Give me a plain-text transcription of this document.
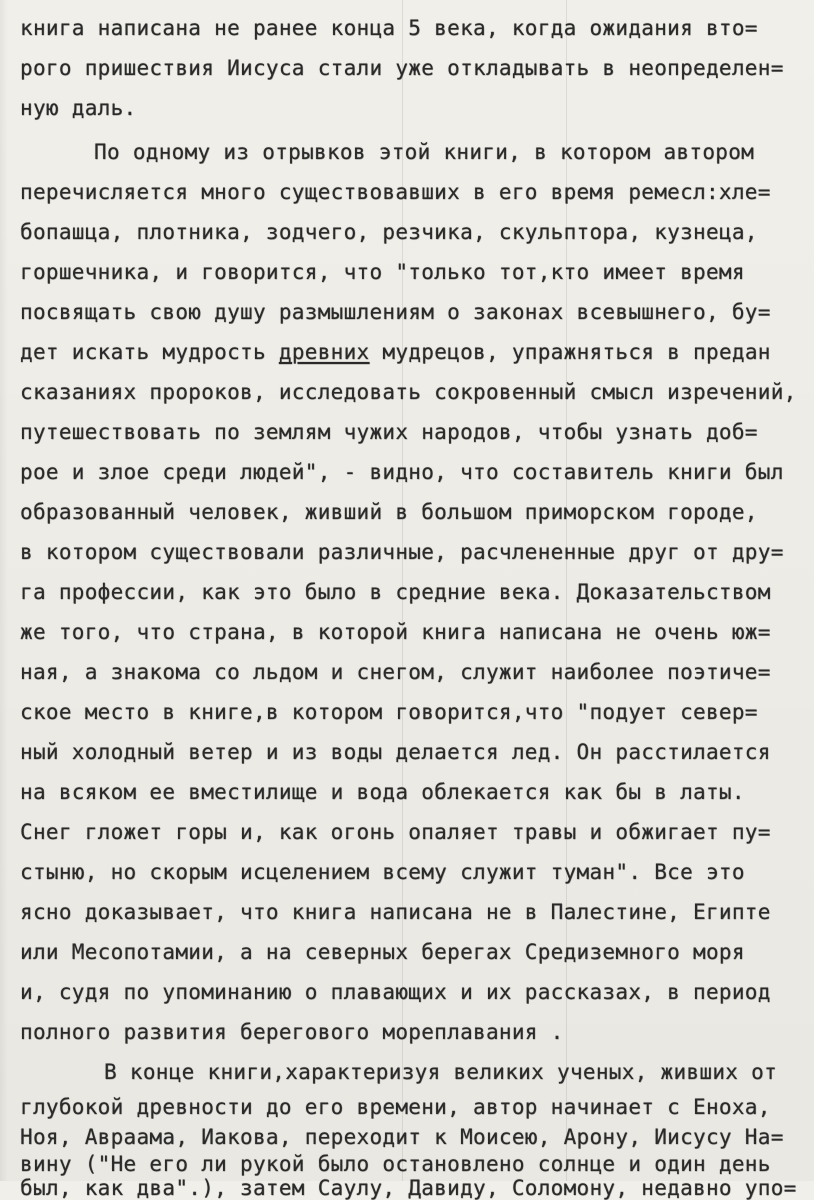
книга написана не ранее конца 5 века, когда ожидания вто=
рого пришествия Иисуса стали уже откладывать в неопределен=
ную даль.
По одному из отрывков этой книги, в котором автором
перечисляется много существовавших в его время ремесл:хле=
бопашца, плотника, зодчего, резчика, скульптора, кузнеца,
горшечника, и говорится, что "только тот,кто имеет время
посвящать свою душу размышлениям о законах всевышнего, бу=
дет искать мудрость древних мудрецов, упражняться в предан
сказаниях пророков, исследовать сокровенный смысл изречений,
путешествовать по землям чужих народов, чтобы узнать доб=
рое и злое среди людей", - видно, что составитель книги был
образованный человек, живший в большом приморском городе,
в котором существовали различные, расчлененные друг от дру=
га профессии, как это было в средние века. Доказательством
же того, что страна, в которой книга написана не очень юж=
ная, а знакома со льдом и снегом, служит наиболее поэтиче=
ское место в книге,в котором говорится,что "подует север=
ный холодный ветер и из воды делается лед. Он расстилается
на всяком ее вместилище и вода облекается как бы в латы.
Снег гложет горы и, как огонь опаляет травы и обжигает пу=
стыню, но скорым исцелением всему служит туман". Все это
ясно доказывает, что книга написана не в Палестине, Египте
или Месопотамии, а на северных берегах Средиземного моря
и, судя по упоминанию о плавающих и их рассказах, в период
полного развития берегового мореплавания .
В конце книги,характеризуя великих ученых, живших от
глубокой древности до его времени, автор начинает с Еноха,
Ноя, Авраама, Иакова, переходит к Моисею, Арону, Иисусу На=
вину ("Не его ли рукой было остановлено солнце и один день
был, как два".), затем Саулу, Давиду, Соломону, недавно упо=
